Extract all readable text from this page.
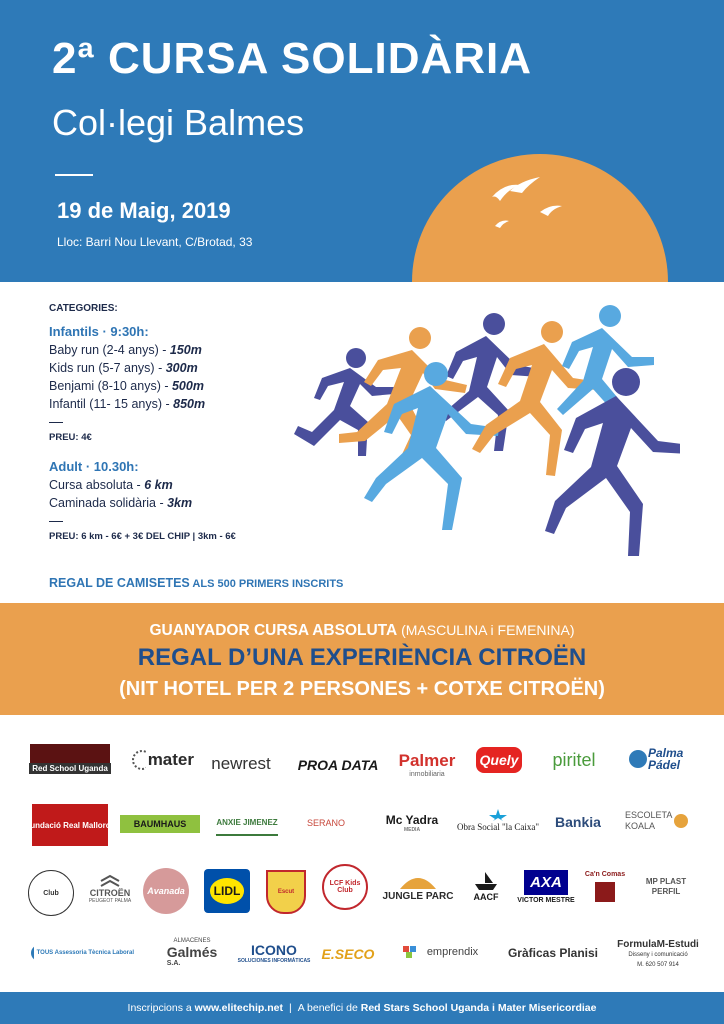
2ª CURSA SOLIDÀRIA
Col·legi Balmes
19 de Maig, 2019
Lloc: Barri Nou Llevant, C/Brotad, 33
CATEGORIES:
Infantils · 9:30h:
Baby run (2-4 anys) - 150m
Kids run (5-7 anys) - 300m
Benjami (8-10 anys) - 500m
Infantil (11- 15 anys) - 850m
PREU: 4€
Adult · 10.30h:
Cursa absoluta - 6 km
Caminada solidària - 3km
PREU: 6 km - 6€ + 3€ DEL CHIP | 3km - 6€
REGAL DE CAMISETES ALS 500 PRIMERS INSCRITS
GUANYADOR CURSA ABSOLUTA (MASCULINA i FEMENINA)
REGAL D’UNA EXPERIÈNCIA CITROËN
(NIT HOTEL PER 2 PERSONES + COTXE CITROËN)
Red School Uganda mater newrest PROA DATA Palmer
inmobiliaria
Quely piritel	Palma Pádel
Fundació Real Mallorca BAUMHAUS	ANXIE JIMENEZ	SERANO	Mc Yadra
MEDIA	Obra Social "la Caixa" Bankia	ESCOLETA KOALA
Club	CITROËN
PEUGEOT PALMA
Avanada	LIDL	Escut
LCF Kids Club	JUNGLE PARC AACF
AXA
VICTOR MESTRE
Ca'n Comas
MP PLAST PERFIL
TOUS Assessoria Tècnica Laboral
ALMACENES
Galmés
S.A.
ICONO
SOLUCIONES INFORMÁTICAS E.SECO	emprendix Gràficas Planisi
FormulaM-Estudi
Disseny i comunicació
M. 620 507 914
Inscripcions a www.elitechip.net | A benefici de Red Stars School Uganda i Mater Misericordiae
